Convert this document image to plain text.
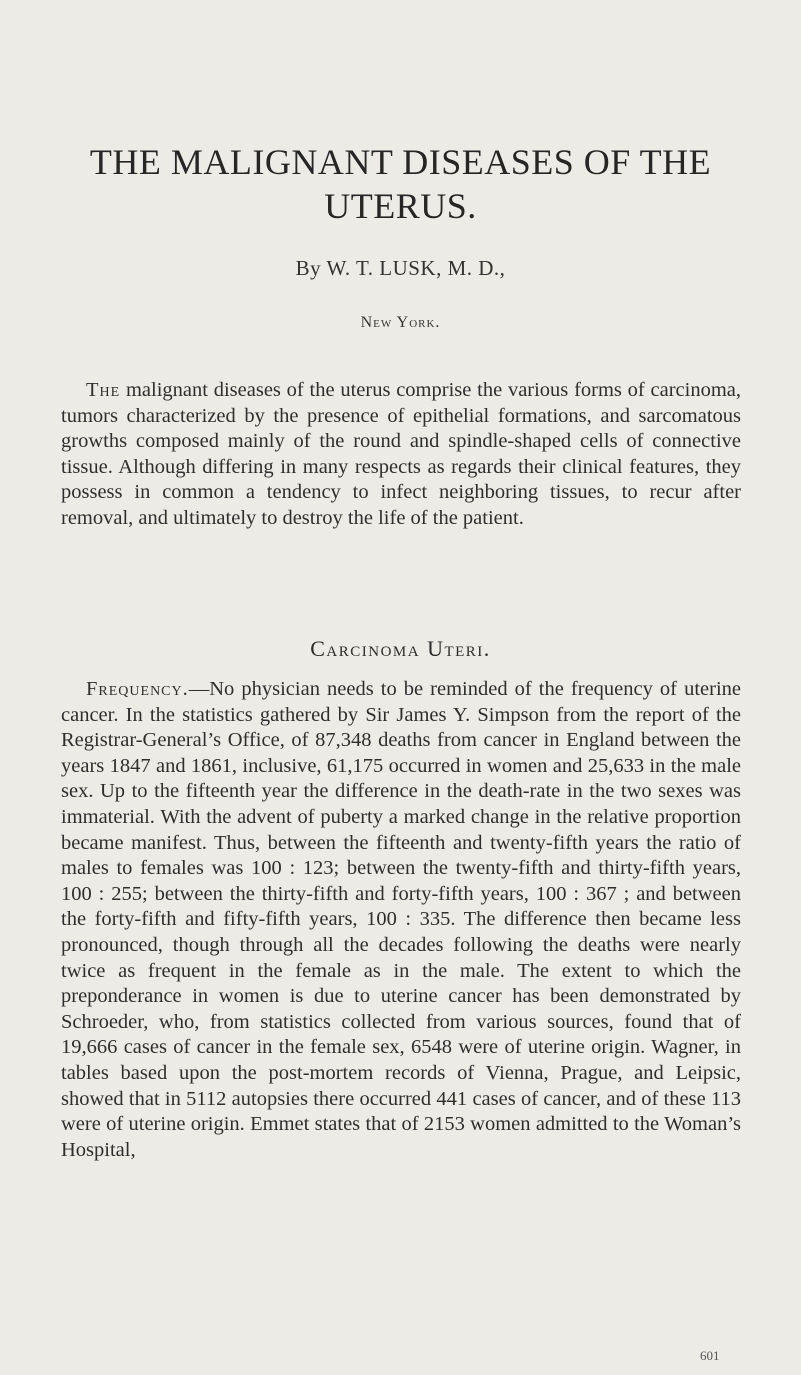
THE MALIGNANT DISEASES OF THE
UTERUS.
By W. T. LUSK, M. D.,
New York.

The malignant diseases of the uterus comprise the various forms of carcinoma, tumors characterized by the presence of epithelial formations, and sarcomatous growths composed mainly of the round and spindle-shaped cells of connective tissue. Although differing in many respects as regards their clinical features, they possess in common a tendency to infect neighboring tissues, to recur after removal, and ultimately to destroy the life of the patient.

Carcinoma Uteri.

Frequency.—No physician needs to be reminded of the frequency of uterine cancer. In the statistics gathered by Sir James Y. Simpson from the report of the Registrar-General’s Office, of 87,348 deaths from cancer in England between the years 1847 and 1861, inclusive, 61,175 occurred in women and 25,633 in the male sex. Up to the fifteenth year the difference in the death-rate in the two sexes was immaterial. With the advent of puberty a marked change in the relative proportion became manifest. Thus, between the fifteenth and twenty-fifth years the ratio of males to females was 100 : 123; between the twenty-fifth and thirty-fifth years, 100 : 255; between the thirty-fifth and forty-fifth years, 100 : 367 ; and between the forty-fifth and fifty-fifth years, 100 : 335. The difference then became less pronounced, though through all the decades following the deaths were nearly twice as frequent in the female as in the male. The extent to which the preponderance in women is due to uterine cancer has been demonstrated by Schroeder, who, from statistics collected from various sources, found that of 19,666 cases of cancer in the female sex, 6548 were of uterine origin. Wagner, in tables based upon the post-mortem records of Vienna, Prague, and Leipsic, showed that in 5112 autopsies there occurred 441 cases of cancer, and of these 113 were of uterine origin. Emmet states that of 2153 women admitted to the Woman’s Hospital,

601
